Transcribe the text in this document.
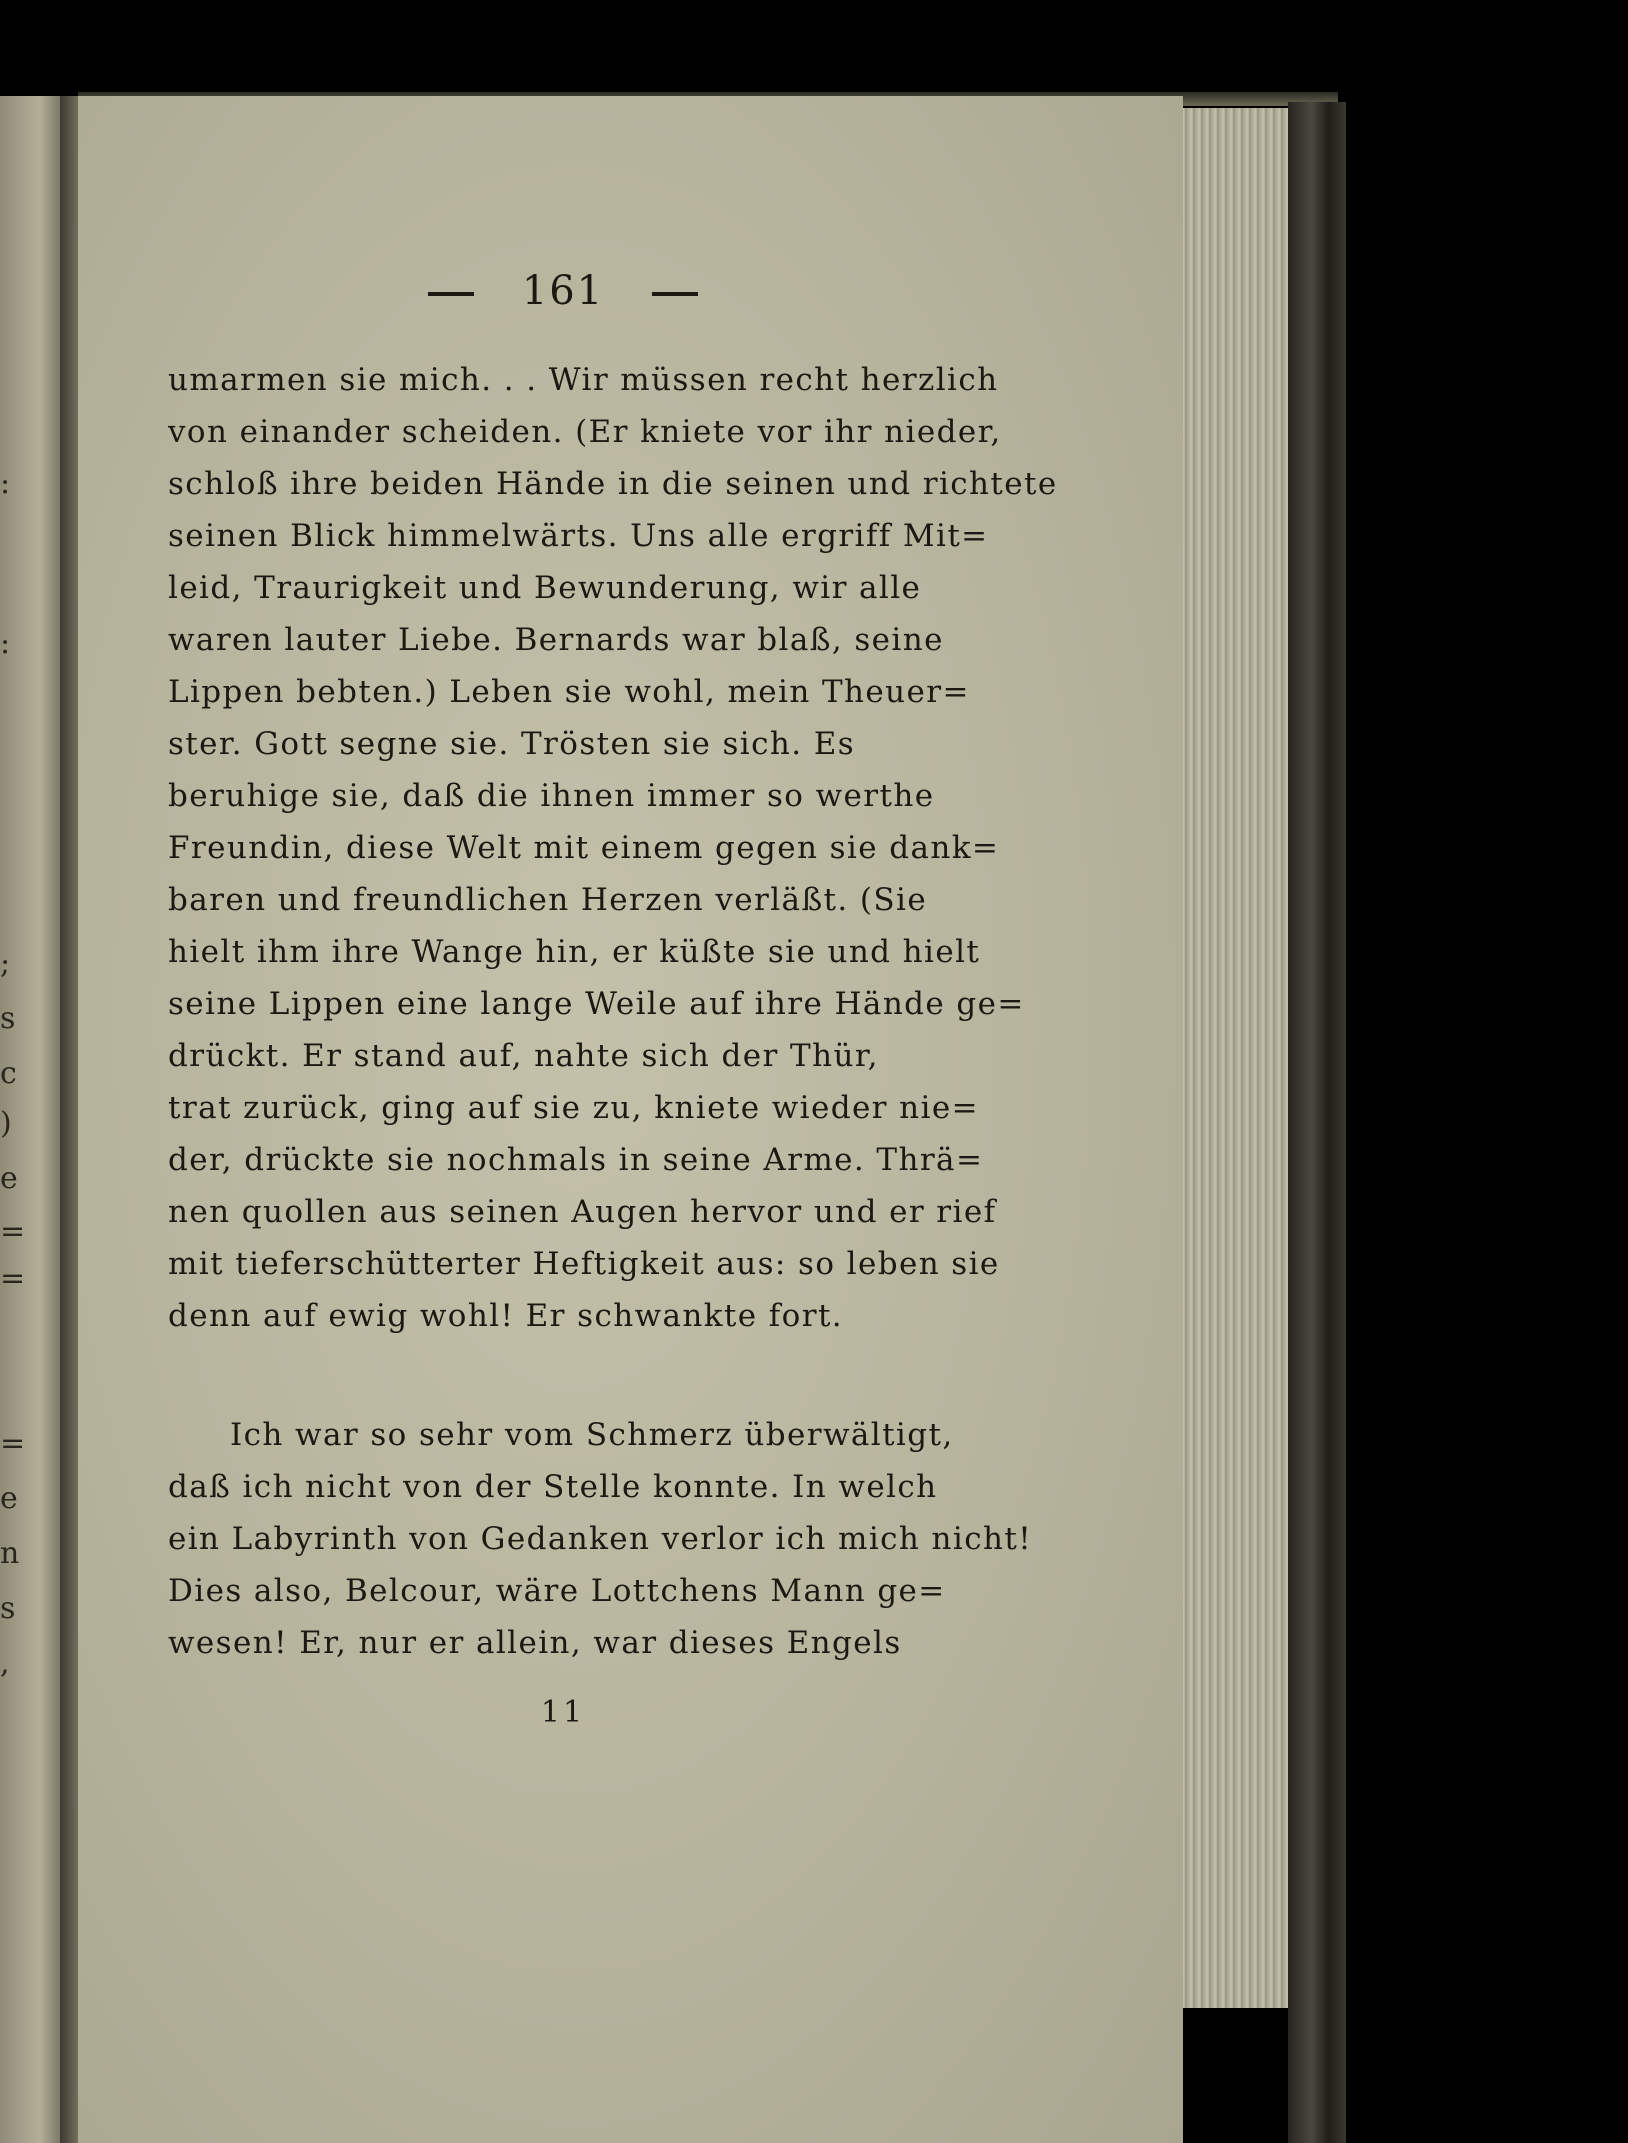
:
:
;
s
c
)
e
=
=
=
e
n
s
,
161
umarmen sie mich. . . Wir müssen recht herzlich
von einander scheiden. (Er kniete vor ihr nieder,
schloß ihre beiden Hände in die seinen und richtete
seinen Blick himmelwärts. Uns alle ergriff Mit=
leid, Traurigkeit und Bewunderung, wir alle
waren lauter Liebe. Bernards war blaß, seine
Lippen bebten.) Leben sie wohl, mein Theuer=
ster. Gott segne sie. Trösten sie sich. Es
beruhige sie, daß die ihnen immer so werthe
Freundin, diese Welt mit einem gegen sie dank=
baren und freundlichen Herzen verläßt. (Sie
hielt ihm ihre Wange hin, er küßte sie und hielt
seine Lippen eine lange Weile auf ihre Hände ge=
drückt. Er stand auf, nahte sich der Thür,
trat zurück, ging auf sie zu, kniete wieder nie=
der, drückte sie nochmals in seine Arme. Thrä=
nen quollen aus seinen Augen hervor und er rief
mit tieferschütterter Heftigkeit aus: so leben sie
denn auf ewig wohl! Er schwankte fort.
Ich war so sehr vom Schmerz überwältigt,
daß ich nicht von der Stelle konnte. In welch
ein Labyrinth von Gedanken verlor ich mich nicht!
Dies also, Belcour, wäre Lottchens Mann ge=
wesen! Er, nur er allein, war dieses Engels
11
